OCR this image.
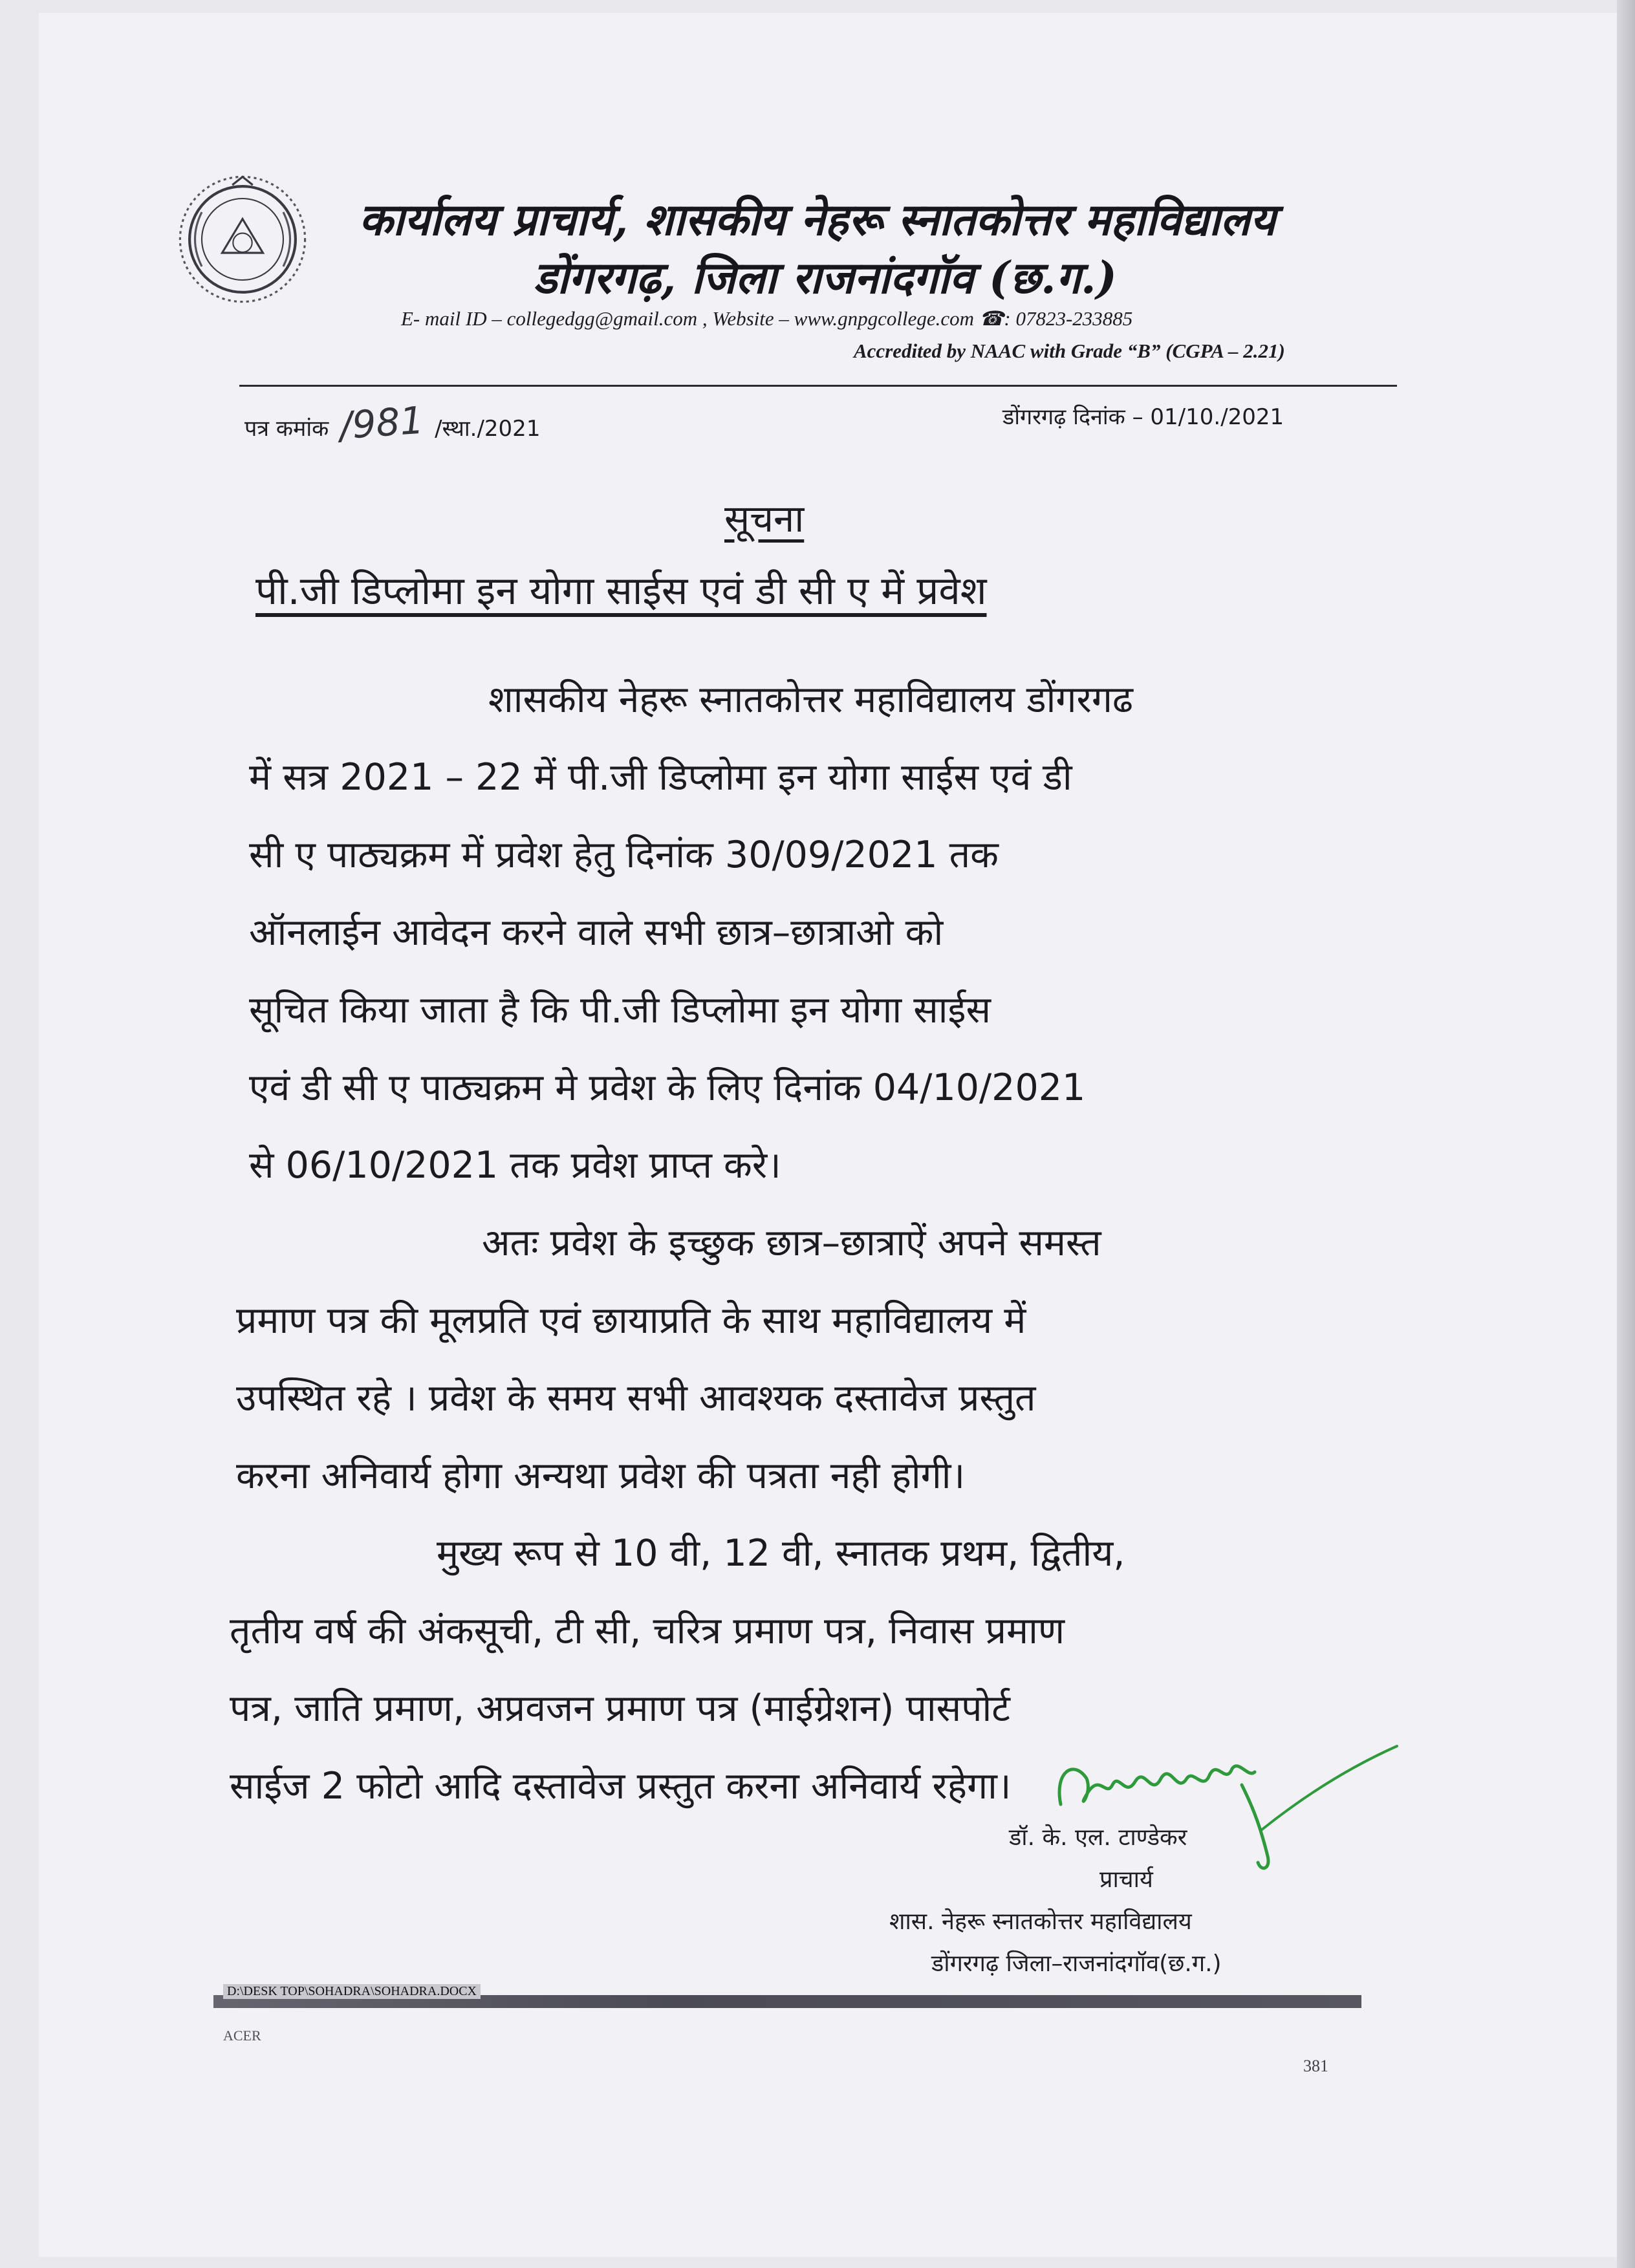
कार्यालय प्राचार्य, शासकीय नेहरू स्नातकोत्तर महाविद्यालय
डोंगरगढ़, जिला राजनांदगॉव (छ.ग.)
E- mail ID – collegedgg@gmail.com , Website – www.gnpgcollege.com ☎: 07823-233885
Accredited by NAAC with Grade “B” (CGPA – 2.21)
पत्र कमांक /981 /स्था./2021	डोंगरगढ़ दिनांक – 01/10./2021
सूचना
पी.जी डिप्लोमा इन योगा साईस एवं डी सी ए में प्रवेश
शासकीय नेहरू स्नातकोत्तर महाविद्यालय डोंगरगढ
में सत्र 2021 – 22 में पी.जी डिप्लोमा इन योगा साईस एवं डी
सी ए पाठ्यक्रम में प्रवेश हेतु दिनांक 30/09/2021 तक
ऑनलाईन आवेदन करने वाले सभी छात्र–छात्राओ को
सूचित किया जाता है कि पी.जी डिप्लोमा इन योगा साईस
एवं डी सी ए पाठ्यक्रम मे प्रवेश के लिए दिनांक 04/10/2021
से 06/10/2021 तक प्रवेश प्राप्त करे।
अतः प्रवेश के इच्छुक छात्र–छात्राऐं अपने समस्त
प्रमाण पत्र की मूलप्रति एवं छायाप्रति के साथ महाविद्यालय में
उपस्थित रहे । प्रवेश के समय सभी आवश्यक दस्तावेज प्रस्तुत
करना अनिवार्य होगा अन्यथा प्रवेश की पत्रता नही होगी।
मुख्य रूप से 10 वी, 12 वी, स्नातक प्रथम, द्वितीय,
तृतीय वर्ष की अंकसूची, टी सी, चरित्र प्रमाण पत्र, निवास प्रमाण
पत्र, जाति प्रमाण, अप्रवजन प्रमाण पत्र (माईग्रेशन) पासपोर्ट
साईज 2 फोटो आदि दस्तावेज प्रस्तुत करना अनिवार्य रहेगा।
डॉ. के. एल. टाण्डेकर
प्राचार्य
शास. नेहरू स्नातकोत्तर महाविद्यालय
डोंगरगढ़ जिला–राजनांदगॉव(छ.ग.)
D:\DESK TOP\SOHADRA\SOHADRA.DOCX
ACER
381
